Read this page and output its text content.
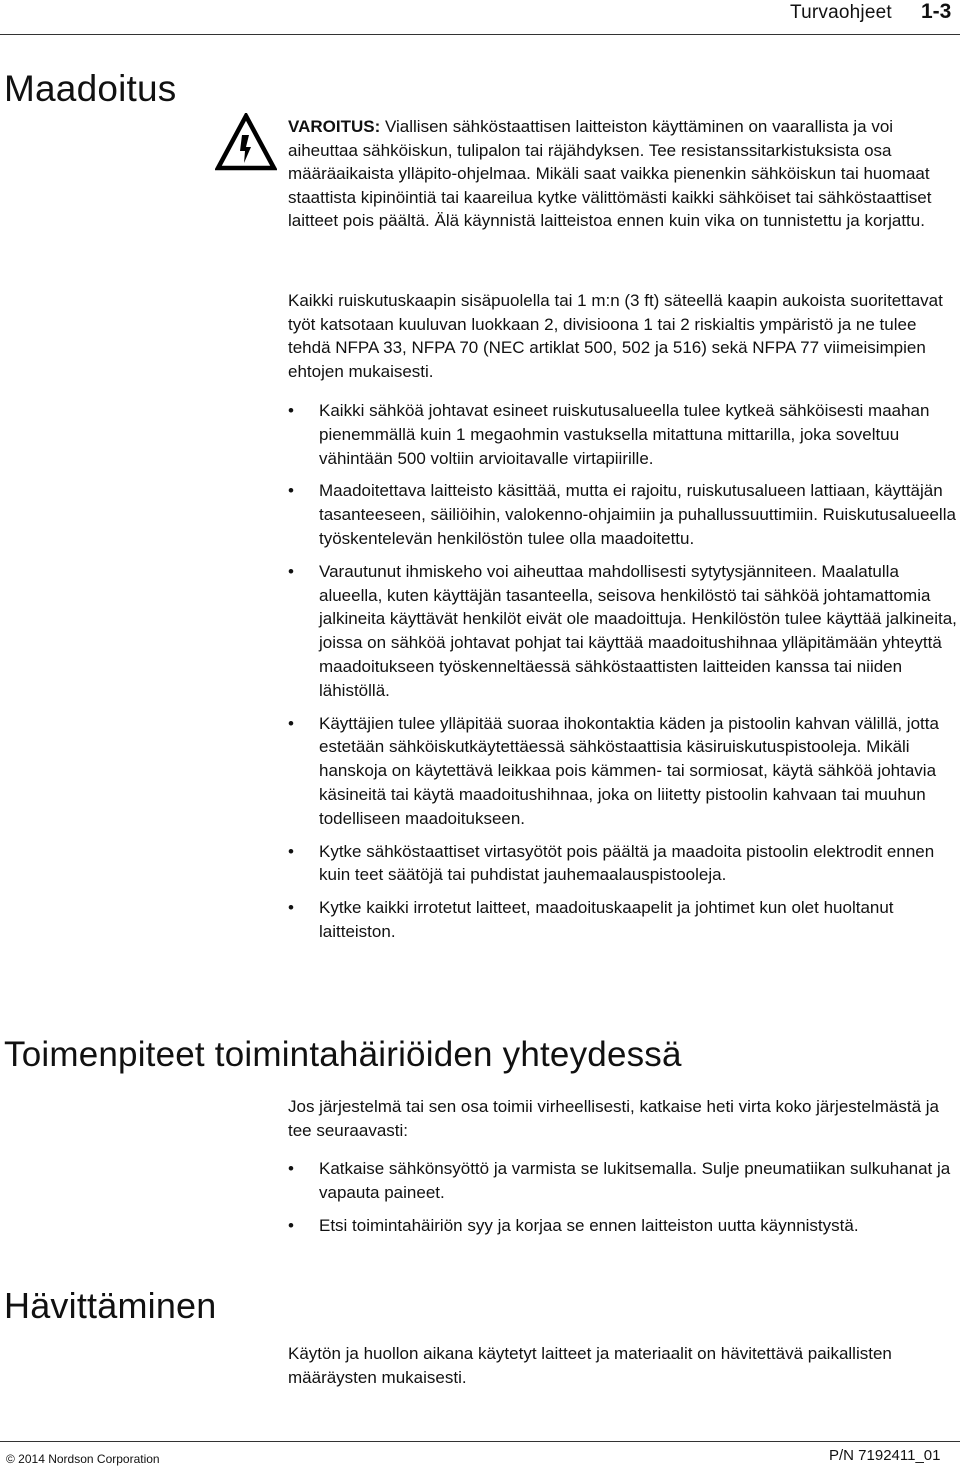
Turvaohjeet 1-3
Maadoitus

VAROITUS: Viallisen sähköstaattisen laitteiston käyttäminen on vaarallista ja voi aiheuttaa sähköiskun, tulipalon tai räjähdyksen. Tee resistanssitarkistuksista osa määräaikaista ylläpito-ohjelmaa. Mikäli saat vaikka pienenkin sähköiskun tai huomaat staattista kipinöintiä tai kaareilua kytke välittömästi kaikki sähköiset tai sähköstaattiset laitteet pois päältä. Älä käynnistä laitteistoa ennen kuin vika on tunnistettu ja korjattu.

Kaikki ruiskutuskaapin sisäpuolella tai 1 m:n (3 ft) säteellä kaapin aukoista suoritettavat työt katsotaan kuuluvan luokkaan 2, divisioona 1 tai 2 riskialtis ympäristö ja ne tulee tehdä NFPA 33, NFPA 70 (NEC artiklat 500, 502 ja 516) sekä NFPA 77 viimeisimpien ehtojen mukaisesti.

• Kaikki sähköä johtavat esineet ruiskutusalueella tulee kytkeä sähköisesti maahan pienemmällä kuin 1 megaohmin vastuksella mitattuna mittarilla, joka soveltuu vähintään 500 voltiin arvioitavalle virtapiirille.
• Maadoitettava laitteisto käsittää, mutta ei rajoitu, ruiskutusalueen lattiaan, käyttäjän tasanteeseen, säiliöihin, valokenno-ohjaimiin ja puhallussuuttimiin. Ruiskutusalueella työskentelevän henkilöstön tulee olla maadoitettu.
• Varautunut ihmiskeho voi aiheuttaa mahdollisesti sytytysjänniteen. Maalatulla alueella, kuten käyttäjän tasanteella, seisova henkilöstö tai sähköä johtamattomia jalkineita käyttävät henkilöt eivät ole maadoittuja. Henkilöstön tulee käyttää jalkineita, joissa on sähköä johtavat pohjat tai käyttää maadoitushihnaa ylläpitämään yhteyttä maadoitukseen työskenneltäessä sähköstaattisten laitteiden kanssa tai niiden lähistöllä.
• Käyttäjien tulee ylläpitää suoraa ihokontaktia käden ja pistoolin kahvan välillä, jotta estetään sähköiskutkäytettäessä sähköstaattisia käsiruiskutuspistooleja. Mikäli hanskoja on käytettävä leikkaa pois kämmen- tai sormiosat, käytä sähköä johtavia käsineitä tai käytä maadoitushihnaa, joka on liitetty pistoolin kahvaan tai muuhun todelliseen maadoitukseen.
• Kytke sähköstaattiset virtasyötöt pois päältä ja maadoita pistoolin elektrodit ennen kuin teet säätöjä tai puhdistat jauhemaalauspistooleja.
• Kytke kaikki irrotetut laitteet, maadoituskaapelit ja johtimet kun olet huoltanut laitteiston.
Toimenpiteet toimintahäiriöiden yhteydessä

Jos järjestelmä tai sen osa toimii virheellisesti, katkaise heti virta koko järjestelmästä ja tee seuraavasti:

• Katkaise sähkönsyöttö ja varmista se lukitsemalla. Sulje pneumatiikan sulkuhanat ja vapauta paineet.
• Etsi toimintahäiriön syy ja korjaa se ennen laitteiston uutta käynnistystä.
Hävittäminen

Käytön ja huollon aikana käytetyt laitteet ja materiaalit on hävitettävä paikallisten määräysten mukaisesti.

© 2014 Nordson Corporation	P/N 7192411_01
